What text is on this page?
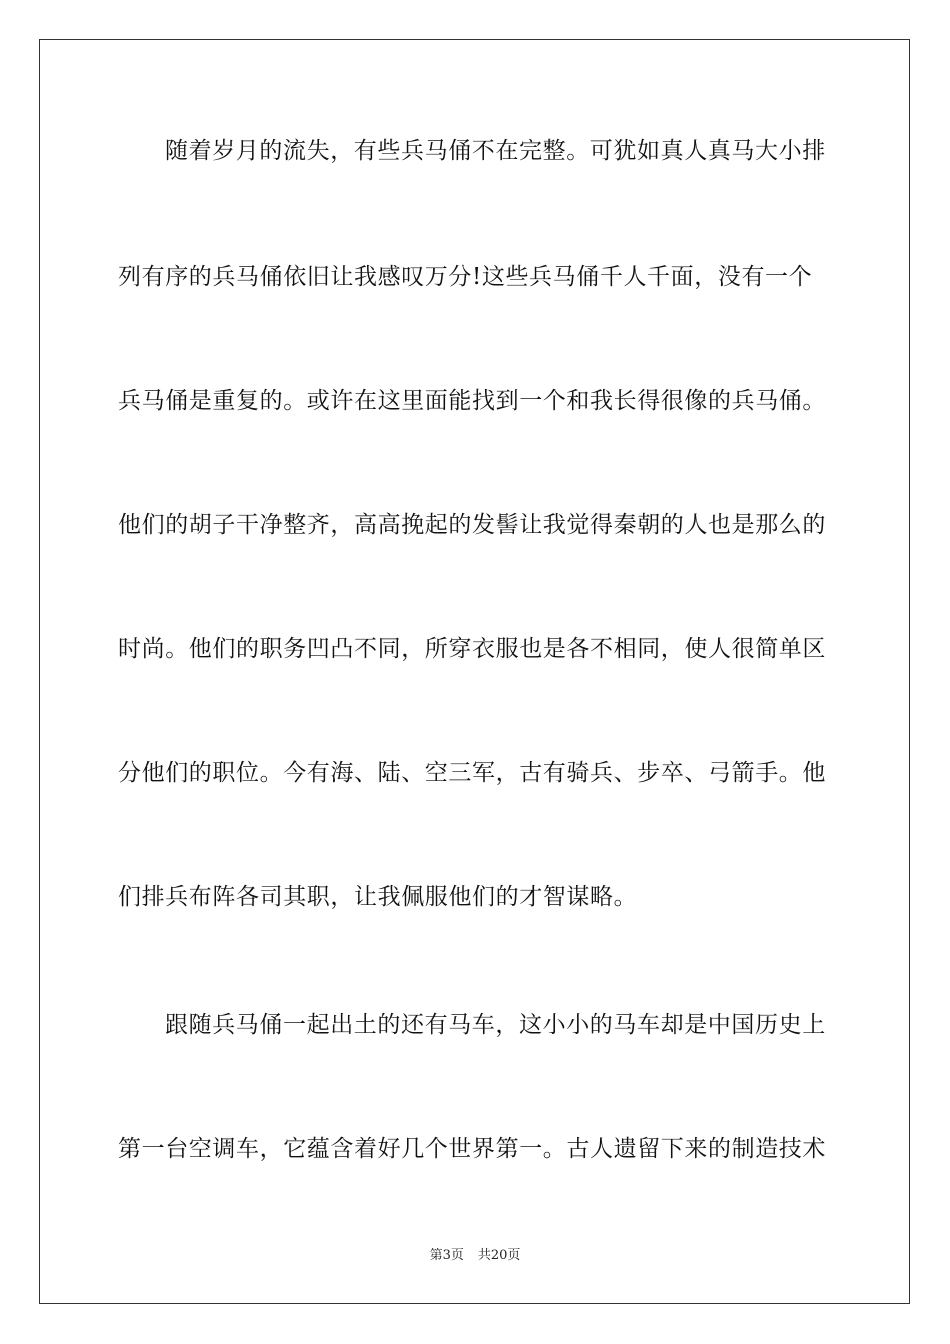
随着岁月的流失，有些兵马俑不在完整。可犹如真人真马大小排
列有序的兵马俑依旧让我感叹万分!这些兵马俑千人千面，没有一个
兵马俑是重复的。或许在这里面能找到一个和我长得很像的兵马俑。
他们的胡子干净整齐，高高挽起的发髻让我觉得秦朝的人也是那么的
时尚。他们的职务凹凸不同，所穿衣服也是各不相同，使人很简单区
分他们的职位。今有海、陆、空三军，古有骑兵、步卒、弓箭手。他
们排兵布阵各司其职，让我佩服他们的才智谋略。
跟随兵马俑一起出土的还有马车，这小小的马车却是中国历史上
第一台空调车，它蕴含着好几个世界第一。古人遗留下来的制造技术
第3页 共20页
